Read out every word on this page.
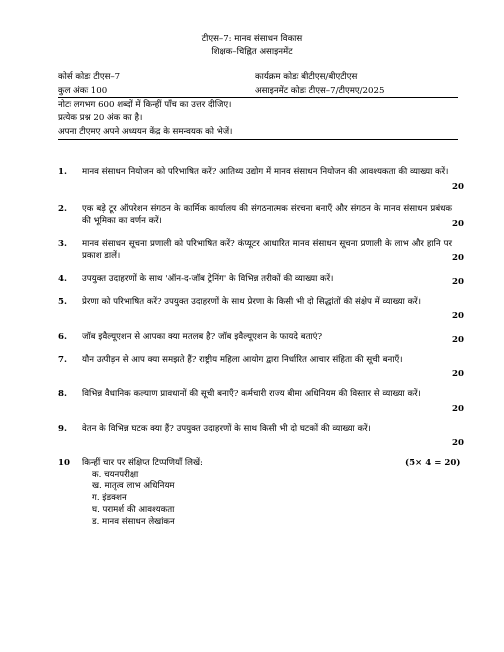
टीएस–7: मानव संसाधन विकास
शिक्षक–चिह्नित असाइनमेंट
कोर्स कोडः टीएस–7	कार्यक्रम कोडः बीटीएस/बीएटीएस
कुल अंकः 100	असाइनमेंट कोडः टीएस–7/टीएमए/2025
नोटः लगभग 600 शब्दों में किन्हीं पाँच का उत्तर दीजिए।
प्रत्येक प्रश्न 20 अंक का है।
अपना टीएमए अपने अध्ययन केंद्र के समन्वयक को भेजें।
1. मानव संसाधन नियोजन को परिभाषित करें? आतिथ्य उद्योग में मानव संसाधन नियोजन की आवश्यकता की व्याख्या करें।
20
2. एक बड़े टूर ऑपरेशन संगठन के कार्मिक कार्यालय की संगठनात्मक संरचना बनाएँ और संगठन के मानव संसाधन प्रबंधक की भूमिका का वर्णन करें।	20
3. मानव संसाधन सूचना प्रणाली को परिभाषित करें? कंप्यूटर आधारित मानव संसाधन सूचना प्रणाली के लाभ और हानि पर प्रकाश डालें।	20
4. उपयुक्त उदाहरणों के साथ 'ऑन-द-जॉब ट्रेनिंग' के विभिन्न तरीकों की व्याख्या करें।	20
5. प्रेरणा को परिभाषित करें? उपयुक्त उदाहरणों के साथ प्रेरणा के किसी भी दो सिद्धांतों की संक्षेप में व्याख्या करें।
20
6. जॉब इवैल्यूएशन से आपका क्या मतलब है? जॉब इवैल्यूएशन के फायदे बताएं?	20
7. यौन उत्पीड़न से आप क्या समझते हैं? राष्ट्रीय महिला आयोग द्वारा निर्धारित आचार संहिता की सूची बनाएँ।
20
8. विभिन्न वैधानिक कल्याण प्रावधानों की सूची बनाएँ? कर्मचारी राज्य बीमा अधिनियम की विस्तार से व्याख्या करें।
20
9. वेतन के विभिन्न घटक क्या हैं? उपयुक्त उदाहरणों के साथ किसी भी दो घटकों की व्याख्या करें।
20
10 किन्हीं चार पर संक्षिप्त टिप्पणियाँ लिखें:	(5× 4 = 20)
क. चयनपरीक्षा
ख. मातृत्व लाभ अधिनियम
ग. इंडक्शन
घ. परामर्श की आवश्यकता
ड. मानव संसाधन लेखांकन
